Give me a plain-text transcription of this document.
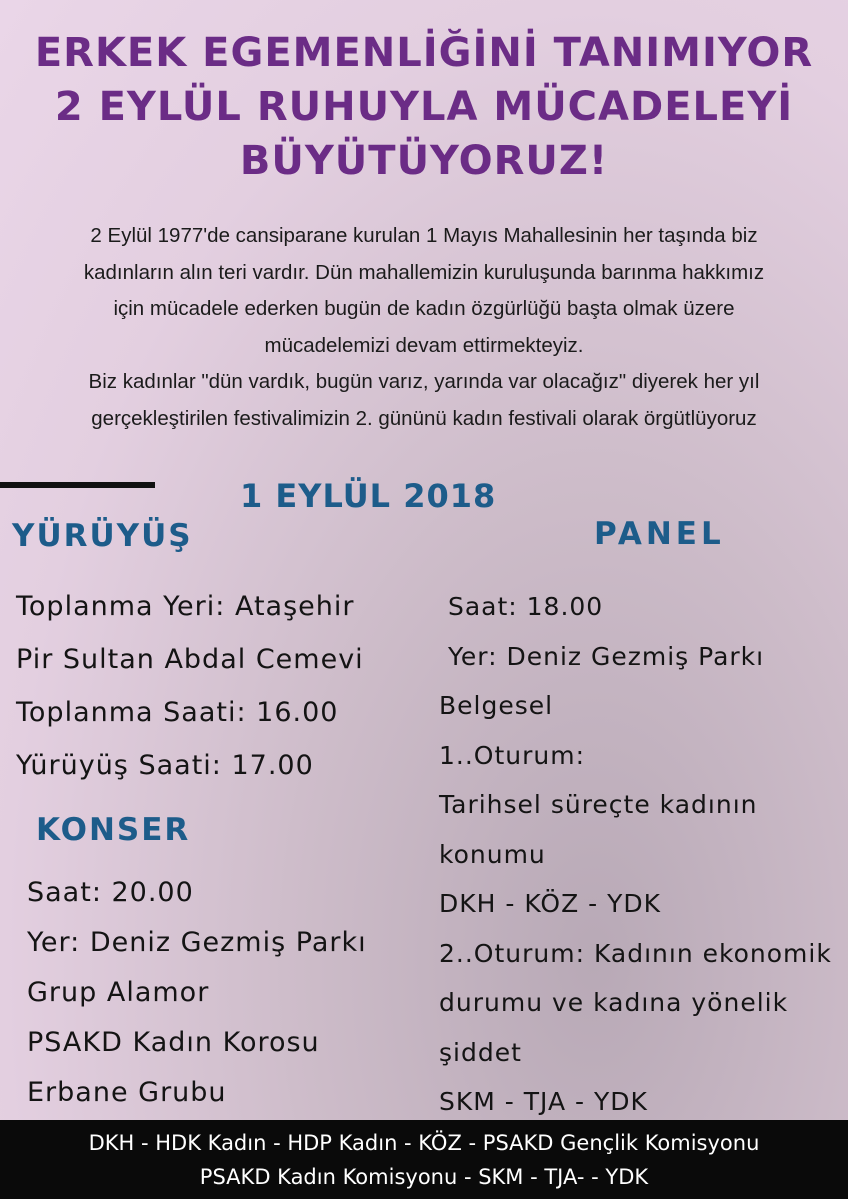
ERKEK EGEMENLİĞİNİ TANIMIYOR
2 EYLÜL RUHUYLA MÜCADELEYİ
BÜYÜTÜYORUZ!

2 Eylül 1977'de cansiparane kurulan 1 Mayıs Mahallesinin her taşında biz

kadınların alın teri vardır. Dün mahallemizin kuruluşunda barınma hakkımız

için mücadele ederken bugün de kadın özgürlüğü başta olmak üzere

mücadelemizi devam ettirmekteyiz.

Biz kadınlar "dün vardık, bugün varız, yarında var olacağız" diyerek her yıl

gerçekleştirilen festivalimizin 2. gününü kadın festivali olarak örgütlüyoruz

1 EYLÜL 2018
YÜRÜYÜŞ
Toplanma Yeri: Ataşehir
Pir Sultan Abdal Cemevi
Toplanma Saati: 16.00
Yürüyüş Saati: 17.00
KONSER
Saat: 20.00
Yer: Deniz Gezmiş Parkı
Grup Alamor
PSAKD Kadın Korosu
Erbane Grubu
PANEL
Saat: 18.00
Yer: Deniz Gezmiş Parkı
Belgesel
1..Oturum:
Tarihsel süreçte kadının
konumu
DKH - KÖZ - YDK
2..Oturum: Kadının ekonomik
durumu ve kadına yönelik
şiddet
SKM - TJA - YDK
DKH - HDK Kadın - HDP Kadın - KÖZ - PSAKD Gençlik Komisyonu
PSAKD Kadın Komisyonu - SKM - TJA- - YDK
